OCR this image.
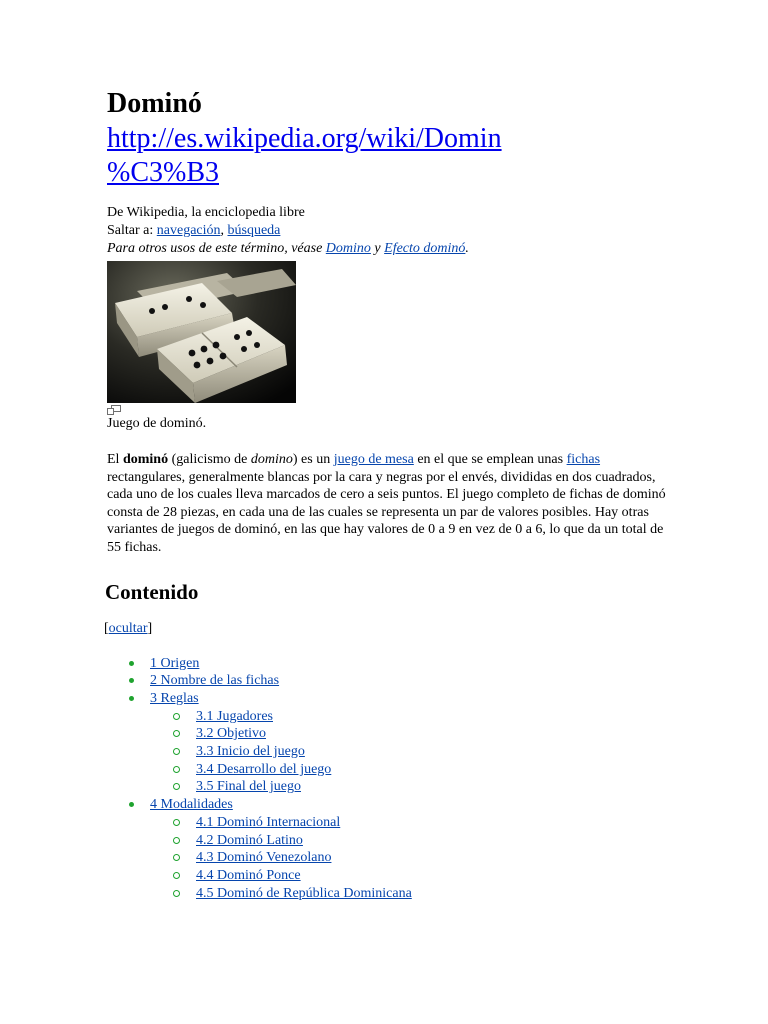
Dominó
http://es.wikipedia.org/wiki/Domin
%C3%B3
De Wikipedia, la enciclopedia libre
Saltar a: navegación, búsqueda
Para otros usos de este término, véase Domino y Efecto dominó.
Juego de dominó.
El dominó (galicismo de domino) es un juego de mesa en el que se emplean unas fichas rectangulares, generalmente blancas por la cara y negras por el envés, divididas en dos cuadrados, cada uno de los cuales lleva marcados de cero a seis puntos. El juego completo de fichas de dominó consta de 28 piezas, en cada una de las cuales se representa un par de valores posibles. Hay otras variantes de juegos de dominó, en las que hay valores de 0 a 9 en vez de 0 a 6, lo que da un total de 55 fichas.
Contenido
[ocultar]
1 Origen
2 Nombre de las fichas
3 Reglas
3.1 Jugadores
3.2 Objetivo
3.3 Inicio del juego
3.4 Desarrollo del juego
3.5 Final del juego
4 Modalidades
4.1 Dominó Internacional
4.2 Dominó Latino
4.3 Dominó Venezolano
4.4 Dominó Ponce
4.5 Dominó de República Dominicana
